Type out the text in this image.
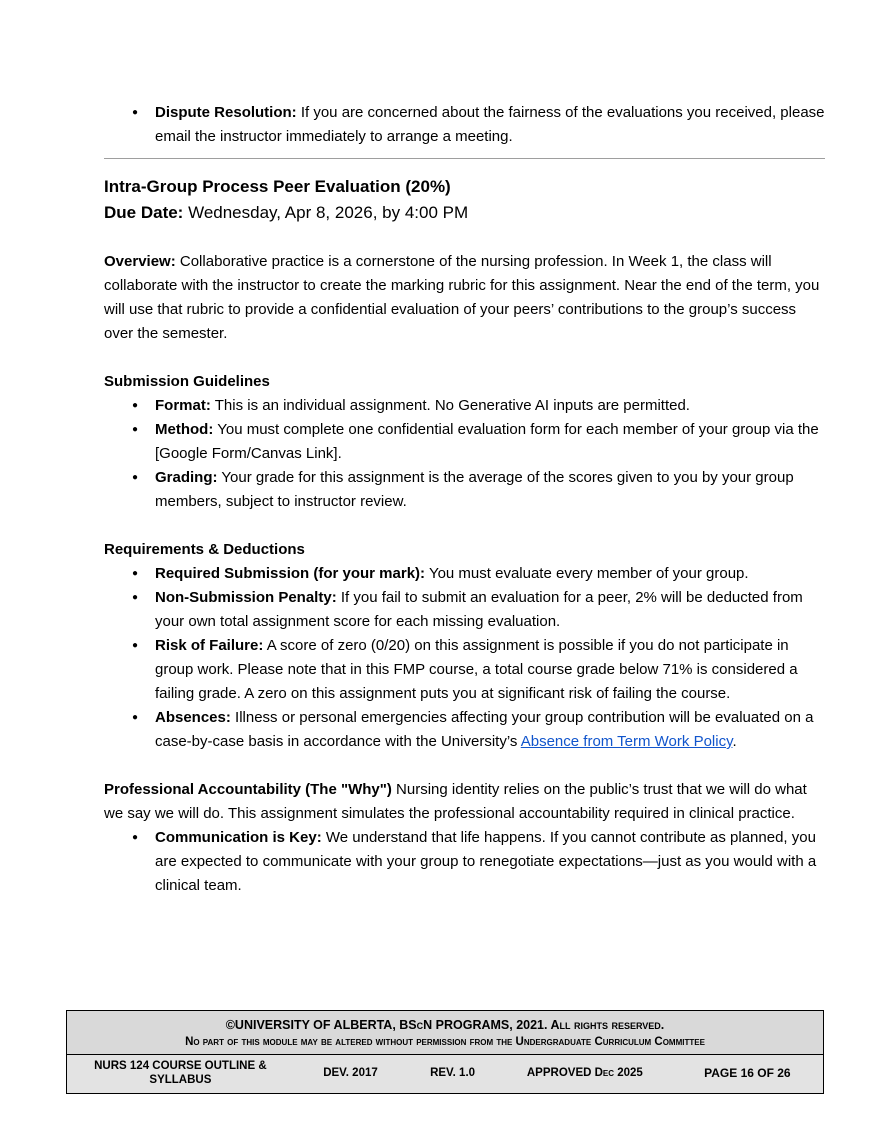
●
Dispute Resolution: If you are concerned about the fairness of the evaluations you received, please email the instructor immediately to arrange a meeting.
Intra-Group Process Peer Evaluation (20%)

Due Date: Wednesday, Apr 8, 2026, by 4:00 PM

Overview: Collaborative practice is a cornerstone of the nursing profession. In Week 1, the class will collaborate with the instructor to create the marking rubric for this assignment. Near the end of the term, you will use that rubric to provide a confidential evaluation of your peers’ contributions to the group’s success over the semester.

Submission Guidelines

●
Format: This is an individual assignment. No Generative AI inputs are permitted.
●
Method: You must complete one confidential evaluation form for each member of your group via the [Google Form/Canvas Link].
●
Grading: Your grade for this assignment is the average of the scores given to you by your group members, subject to instructor review.

Requirements & Deductions

●
Required Submission (for your mark): You must evaluate every member of your group.
●
Non-Submission Penalty: If you fail to submit an evaluation for a peer, 2% will be deducted from your own total assignment score for each missing evaluation.
●
Risk of Failure: A score of zero (0/20) on this assignment is possible if you do not participate in group work. Please note that in this FMP course, a total course grade below 71% is considered a failing grade. A zero on this assignment puts you at significant risk of failing the course.
●
Absences: Illness or personal emergencies affecting your group contribution will be evaluated on a case-by-case basis in accordance with the University’s Absence from Term Work Policy.

Professional Accountability (The "Why") Nursing identity relies on the public’s trust that we will do what we say we will do. This assignment simulates the professional accountability required in clinical practice.

●
Communication is Key: We understand that life happens. If you cannot contribute as planned, you are expected to communicate with your group to renegotiate expectations—just as you would with a clinical team.
©UNIVERSITY OF ALBERTA, BScN PROGRAMS, 2021. All rights reserved.
No part of this module may be altered without permission from the Undergraduate Curriculum Committee
NURS 124 COURSE OUTLINE & SYLLABUS
DEV. 2017	REV. 1.0	APPROVED Dec 2025	PAGE 16 OF 26
